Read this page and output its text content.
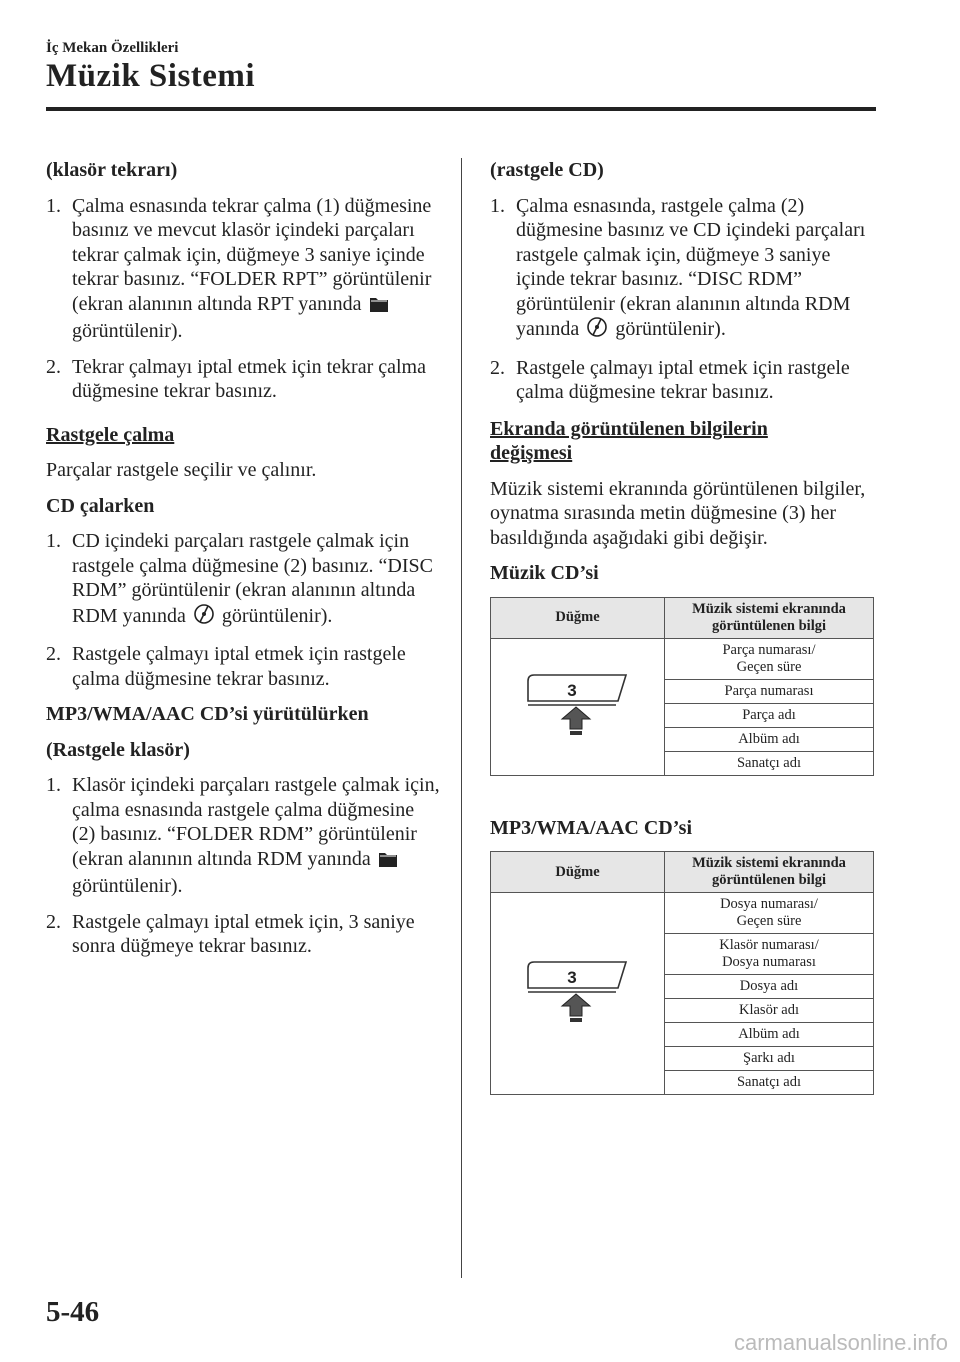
İç Mekan Özellikleri
Müzik Sistemi
(klasör tekrarı)
1. Çalma esnasında tekrar çalma (1) düğmesine basınız ve mevcut klasör içindeki parçaları tekrar çalmak için, düğmeye 3 saniye içinde tekrar basınız. “FOLDER RPT” görüntülenir (ekran alanının altında RPT yanında  görüntülenir).
2. Tekrar çalmayı iptal etmek için tekrar çalma düğmesine tekrar basınız.
Rastgele çalma
Parçalar rastgele seçilir ve çalınır.
CD çalarken
1. CD içindeki parçaları rastgele çalmak için rastgele çalma düğmesine (2) basınız. “DISC RDM” görüntülenir (ekran alanının altında RDM yanında görüntülenir).
2. Rastgele çalmayı iptal etmek için rastgele çalma düğmesine tekrar basınız.
MP3/WMA/AAC CD’si yürütülürken
(Rastgele klasör)
1. Klasör içindeki parçaları rastgele çalmak için, çalma esnasında rastgele çalma düğmesine (2) basınız. “FOLDER RDM” görüntülenir (ekran alanının altında RDM yanında  görüntülenir).
2. Rastgele çalmayı iptal etmek için, 3 saniye sonra düğmeye tekrar basınız.
(rastgele CD)
1. Çalma esnasında, rastgele çalma (2) düğmesine basınız ve CD içindeki parçaları rastgele çalmak için, düğmeye 3 saniye içinde tekrar basınız. “DISC RDM” görüntülenir (ekran alanının altında RDM yanında görüntülenir).
2. Rastgele çalmayı iptal etmek için rastgele çalma düğmesine tekrar basınız.
Ekranda görüntülenen bilgilerin
değişmesi
Müzik sistemi ekranında görüntülenen bilgiler, oynatma sırasında metin düğmesine (3) her basıldığında aşağıdaki gibi değişir.
Müzik CD’si
Düğme	Müzik sistemi ekranında
görüntülenen bilgi

3	Parça numarası/
Geçen süre
	Parça numarası
	Parça adı
	Albüm adı
	Sanatçı adı
MP3/WMA/AAC CD’si
Düğme	Müzik sistemi ekranında
görüntülenen bilgi

3	Dosya numarası/
Geçen süre
	Klasör numarası/
Dosya numarası
	Dosya adı
	Klasör adı
	Albüm adı
	Şarkı adı
	Sanatçı adı
5-46
carmanualsonline.info
